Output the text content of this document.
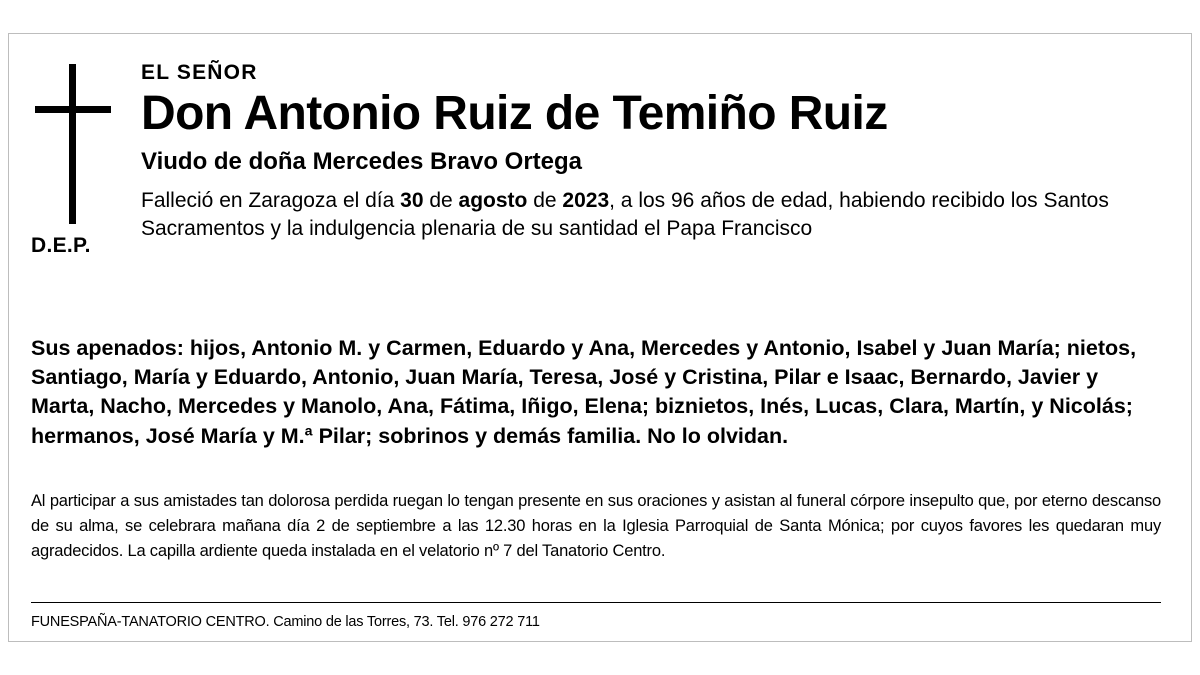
D.E.P.
EL SEÑOR
Don Antonio Ruiz de Temiño Ruiz
Viudo de doña Mercedes Bravo Ortega

Falleció en Zaragoza el día 30 de agosto de 2023, a los 96 años de edad, habiendo recibido los Santos Sacramentos y la indulgencia plenaria de su santidad el Papa Francisco

Sus apenados: hijos, Antonio M. y Carmen, Eduardo y Ana, Mercedes y Antonio, Isabel y Juan María; nietos, Santiago, María y Eduardo, Antonio, Juan María, Teresa, José y Cristina, Pilar e Isaac, Bernardo, Javier y Marta, Nacho, Mercedes y Manolo, Ana, Fátima, Iñigo, Elena; biznietos, Inés, Lucas, Clara, Martín, y Nicolás; hermanos, José María y M.ª Pilar; sobrinos y demás familia. No lo olvidan.
Al participar a sus amistades tan dolorosa perdida ruegan lo tengan presente en sus oraciones y asistan al funeral córpore insepulto que, por eterno descanso de su alma, se celebrara mañana día 2 de septiembre a las 12.30 horas en la Iglesia Parroquial de Santa Mónica; por cuyos favores les quedaran muy agradecidos. La capilla ardiente queda instalada en el velatorio nº 7 del Tanatorio Centro.
FUNESPAÑA-TANATORIO CENTRO. Camino de las Torres, 73. Tel. 976 272 711
